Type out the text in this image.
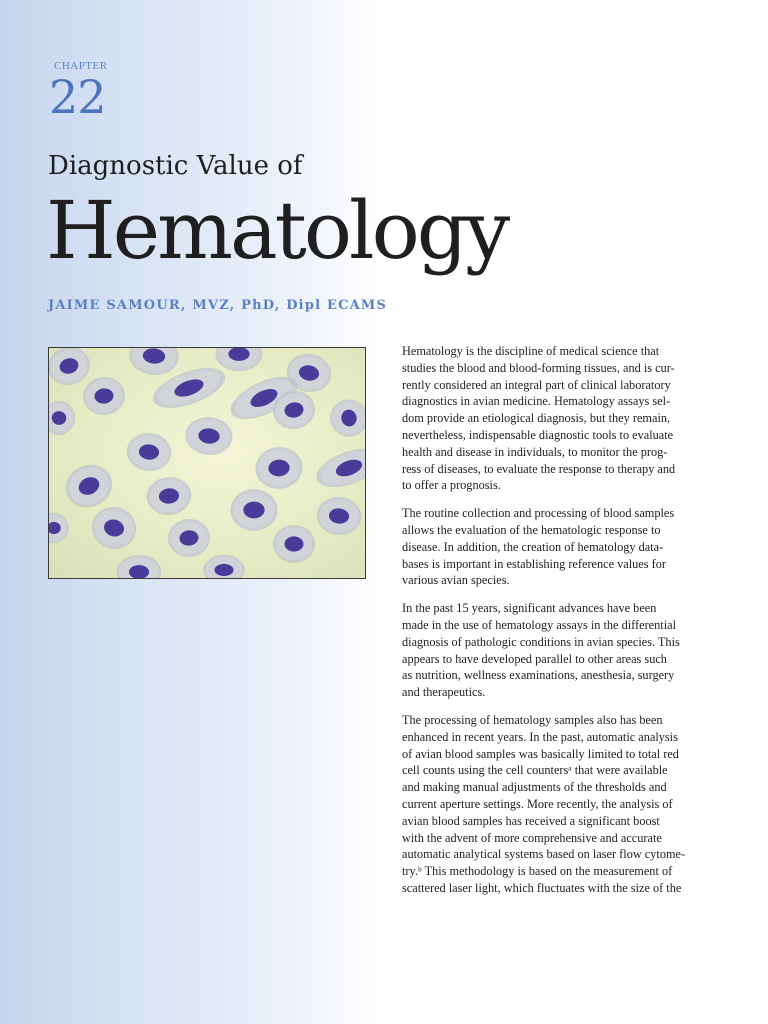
CHAPTER
22
Diagnostic Value of
Hematology
JAIME SAMOUR, MVZ, PhD, Dipl ECAMS

Hematology is the discipline of medical science that
studies the blood and blood-forming tissues, and is cur-
rently considered an integral part of clinical laboratory
diagnostics in avian medicine. Hematology assays sel-
dom provide an etiological diagnosis, but they remain,
nevertheless, indispensable diagnostic tools to evaluate
health and disease in individuals, to monitor the prog-
ress of diseases, to evaluate the response to therapy and
to offer a prognosis.

The routine collection and processing of blood samples
allows the evaluation of the hematologic response to
disease. In addition, the creation of hematology data-
bases is important in establishing reference values for
various avian species.

In the past 15 years, significant advances have been
made in the use of hematology assays in the differential
diagnosis of pathologic conditions in avian species. This
appears to have developed parallel to other areas such
as nutrition, wellness examinations, anesthesia, surgery
and therapeutics.

The processing of hematology samples also has been
enhanced in recent years. In the past, automatic analysis
of avian blood samples was basically limited to total red
cell counts using the cell countersᵃ that were available
and making manual adjustments of the thresholds and
current aperture settings. More recently, the analysis of
avian blood samples has received a significant boost
with the advent of more comprehensive and accurate
automatic analytical systems based on laser flow cytome-
try.ᵇ This methodology is based on the measurement of
scattered laser light, which fluctuates with the size of the
